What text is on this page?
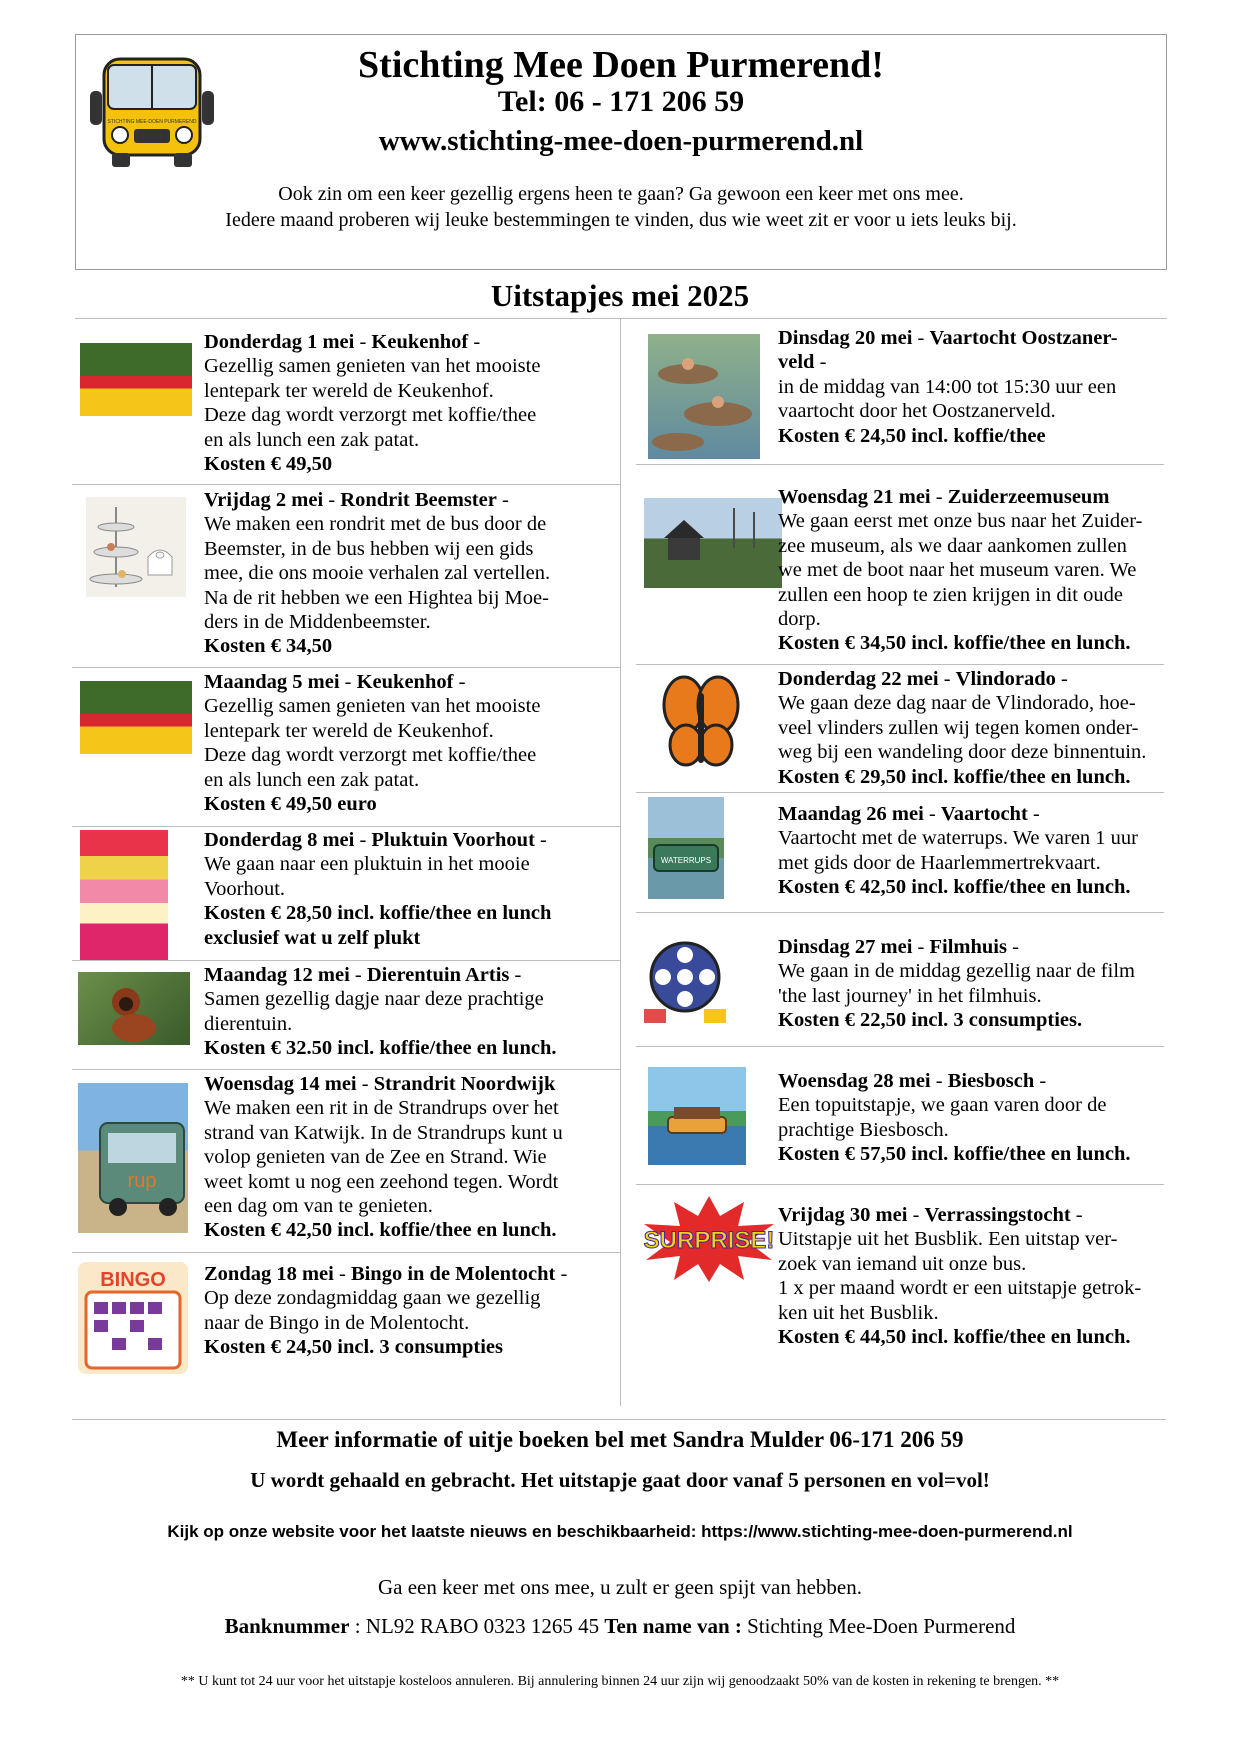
STICHTING MEE-DOEN PURMEREND
Stichting Mee Doen Purmerend!
Tel: 06 - 171 206 59
www.stichting-mee-doen-purmerend.nl
Ook zin om een keer gezellig ergens heen te gaan? Ga gewoon een keer met ons mee.
Iedere maand proberen wij leuke bestemmingen te vinden, dus wie weet zit er voor u iets leuks bij.
Uitstapjes mei 2025
Donderdag 1 mei - Keukenhof -
Gezellig samen genieten van het mooiste
lentepark ter wereld de Keukenhof.
Deze dag wordt verzorgt met koffie/thee
en als lunch een zak patat.
Kosten € 49,50
Vrijdag 2 mei - Rondrit Beemster -
We maken een rondrit met de bus door de
Beemster, in de bus hebben wij een gids
mee, die ons mooie verhalen zal vertellen.
Na de rit hebben we een Hightea bij Moe-
ders in de Middenbeemster.
Kosten € 34,50
Maandag 5 mei - Keukenhof -
Gezellig samen genieten van het mooiste
lentepark ter wereld de Keukenhof.
Deze dag wordt verzorgt met koffie/thee
en als lunch een zak patat.
Kosten € 49,50 euro
Donderdag 8 mei - Pluktuin Voorhout -
We gaan naar een pluktuin in het mooie
Voorhout.
Kosten € 28,50 incl. koffie/thee en lunch
exclusief wat u zelf plukt
Maandag 12 mei - Dierentuin Artis -
Samen gezellig dagje naar deze prachtige
dierentuin.
Kosten € 32.50 incl. koffie/thee en lunch.
rup
Woensdag 14 mei - Strandrit Noordwijk
We maken een rit in de Strandrups over het
strand van Katwijk. In de Strandrups kunt u
volop genieten van de Zee en Strand. Wie
weet komt u nog een zeehond tegen. Wordt
een dag om van te genieten.
Kosten € 42,50 incl. koffie/thee en lunch.
BINGO Zondag 18 mei - Bingo in de Molentocht -
Op deze zondagmiddag gaan we gezellig
naar de Bingo in de Molentocht.
Kosten € 24,50 incl. 3 consumpties
Dinsdag 20 mei - Vaartocht Oostzaner-
veld -
in de middag van 14:00 tot 15:30 uur een
vaartocht door het Oostzanerveld.
Kosten € 24,50 incl. koffie/thee
Woensdag 21 mei - Zuiderzeemuseum
We gaan eerst met onze bus naar het Zuider-
zee museum, als we daar aankomen zullen
we met de boot naar het museum varen. We
zullen een hoop te zien krijgen in dit oude
dorp.
Kosten € 34,50 incl. koffie/thee en lunch.
Donderdag 22 mei - Vlindorado -
We gaan deze dag naar de Vlindorado, hoe-
veel vlinders zullen wij tegen komen onder-
weg bij een wandeling door deze binnentuin.
Kosten € 29,50 incl. koffie/thee en lunch.
WATERRUPS
Maandag 26 mei - Vaartocht -
Vaartocht met de waterrups. We varen 1 uur
met gids door de Haarlemmertrekvaart.
Kosten € 42,50 incl. koffie/thee en lunch.
Dinsdag 27 mei - Filmhuis -
We gaan in de middag gezellig naar de film
'the last journey' in het filmhuis.
Kosten € 22,50 incl. 3 consumpties.
Woensdag 28 mei - Biesbosch -
Een topuitstapje, we gaan varen door de
prachtige Biesbosch.
Kosten € 57,50 incl. koffie/thee en lunch.
SURPRISE!
Vrijdag 30 mei - Verrassingstocht -
Uitstapje uit het Busblik. Een uitstap ver-
zoek van iemand uit onze bus.
1 x per maand wordt er een uitstapje getrok-
ken uit het Busblik.
Kosten € 44,50 incl. koffie/thee en lunch.
Meer informatie of uitje boeken bel met Sandra Mulder 06-171 206 59
U wordt gehaald en gebracht. Het uitstapje gaat door vanaf 5 personen en vol=vol!
Kijk op onze website voor het laatste nieuws en beschikbaarheid: https://www.stichting-mee-doen-purmerend.nl
Ga een keer met ons mee, u zult er geen spijt van hebben.
Banknummer : NL92 RABO 0323 1265 45 Ten name van : Stichting Mee-Doen Purmerend
** U kunt tot 24 uur voor het uitstapje kosteloos annuleren. Bij annulering binnen 24 uur zijn wij genoodzaakt 50% van de kosten in rekening te brengen. **
